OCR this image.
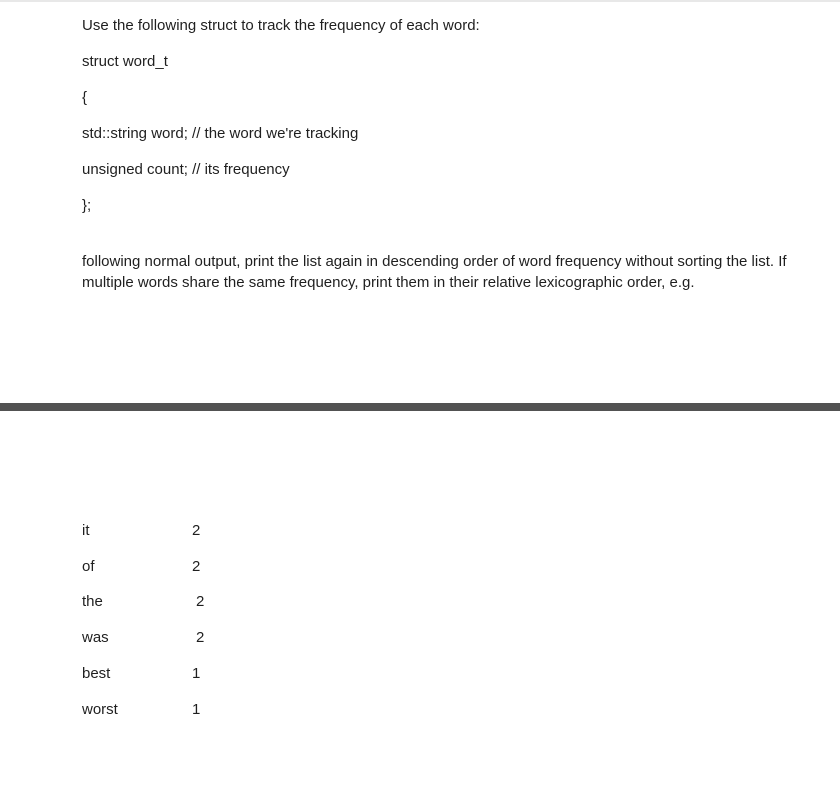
Use the following struct to track the frequency of each word:
struct word_t
{
std::string word; // the word we're tracking
unsigned count; // its frequency
};
following normal output, print the list again in descending order of word frequency without sorting the list. If multiple words share the same frequency, print them in their relative lexicographic order, e.g.
it	2
of	2
the	2
was	2
best	1
worst	1
